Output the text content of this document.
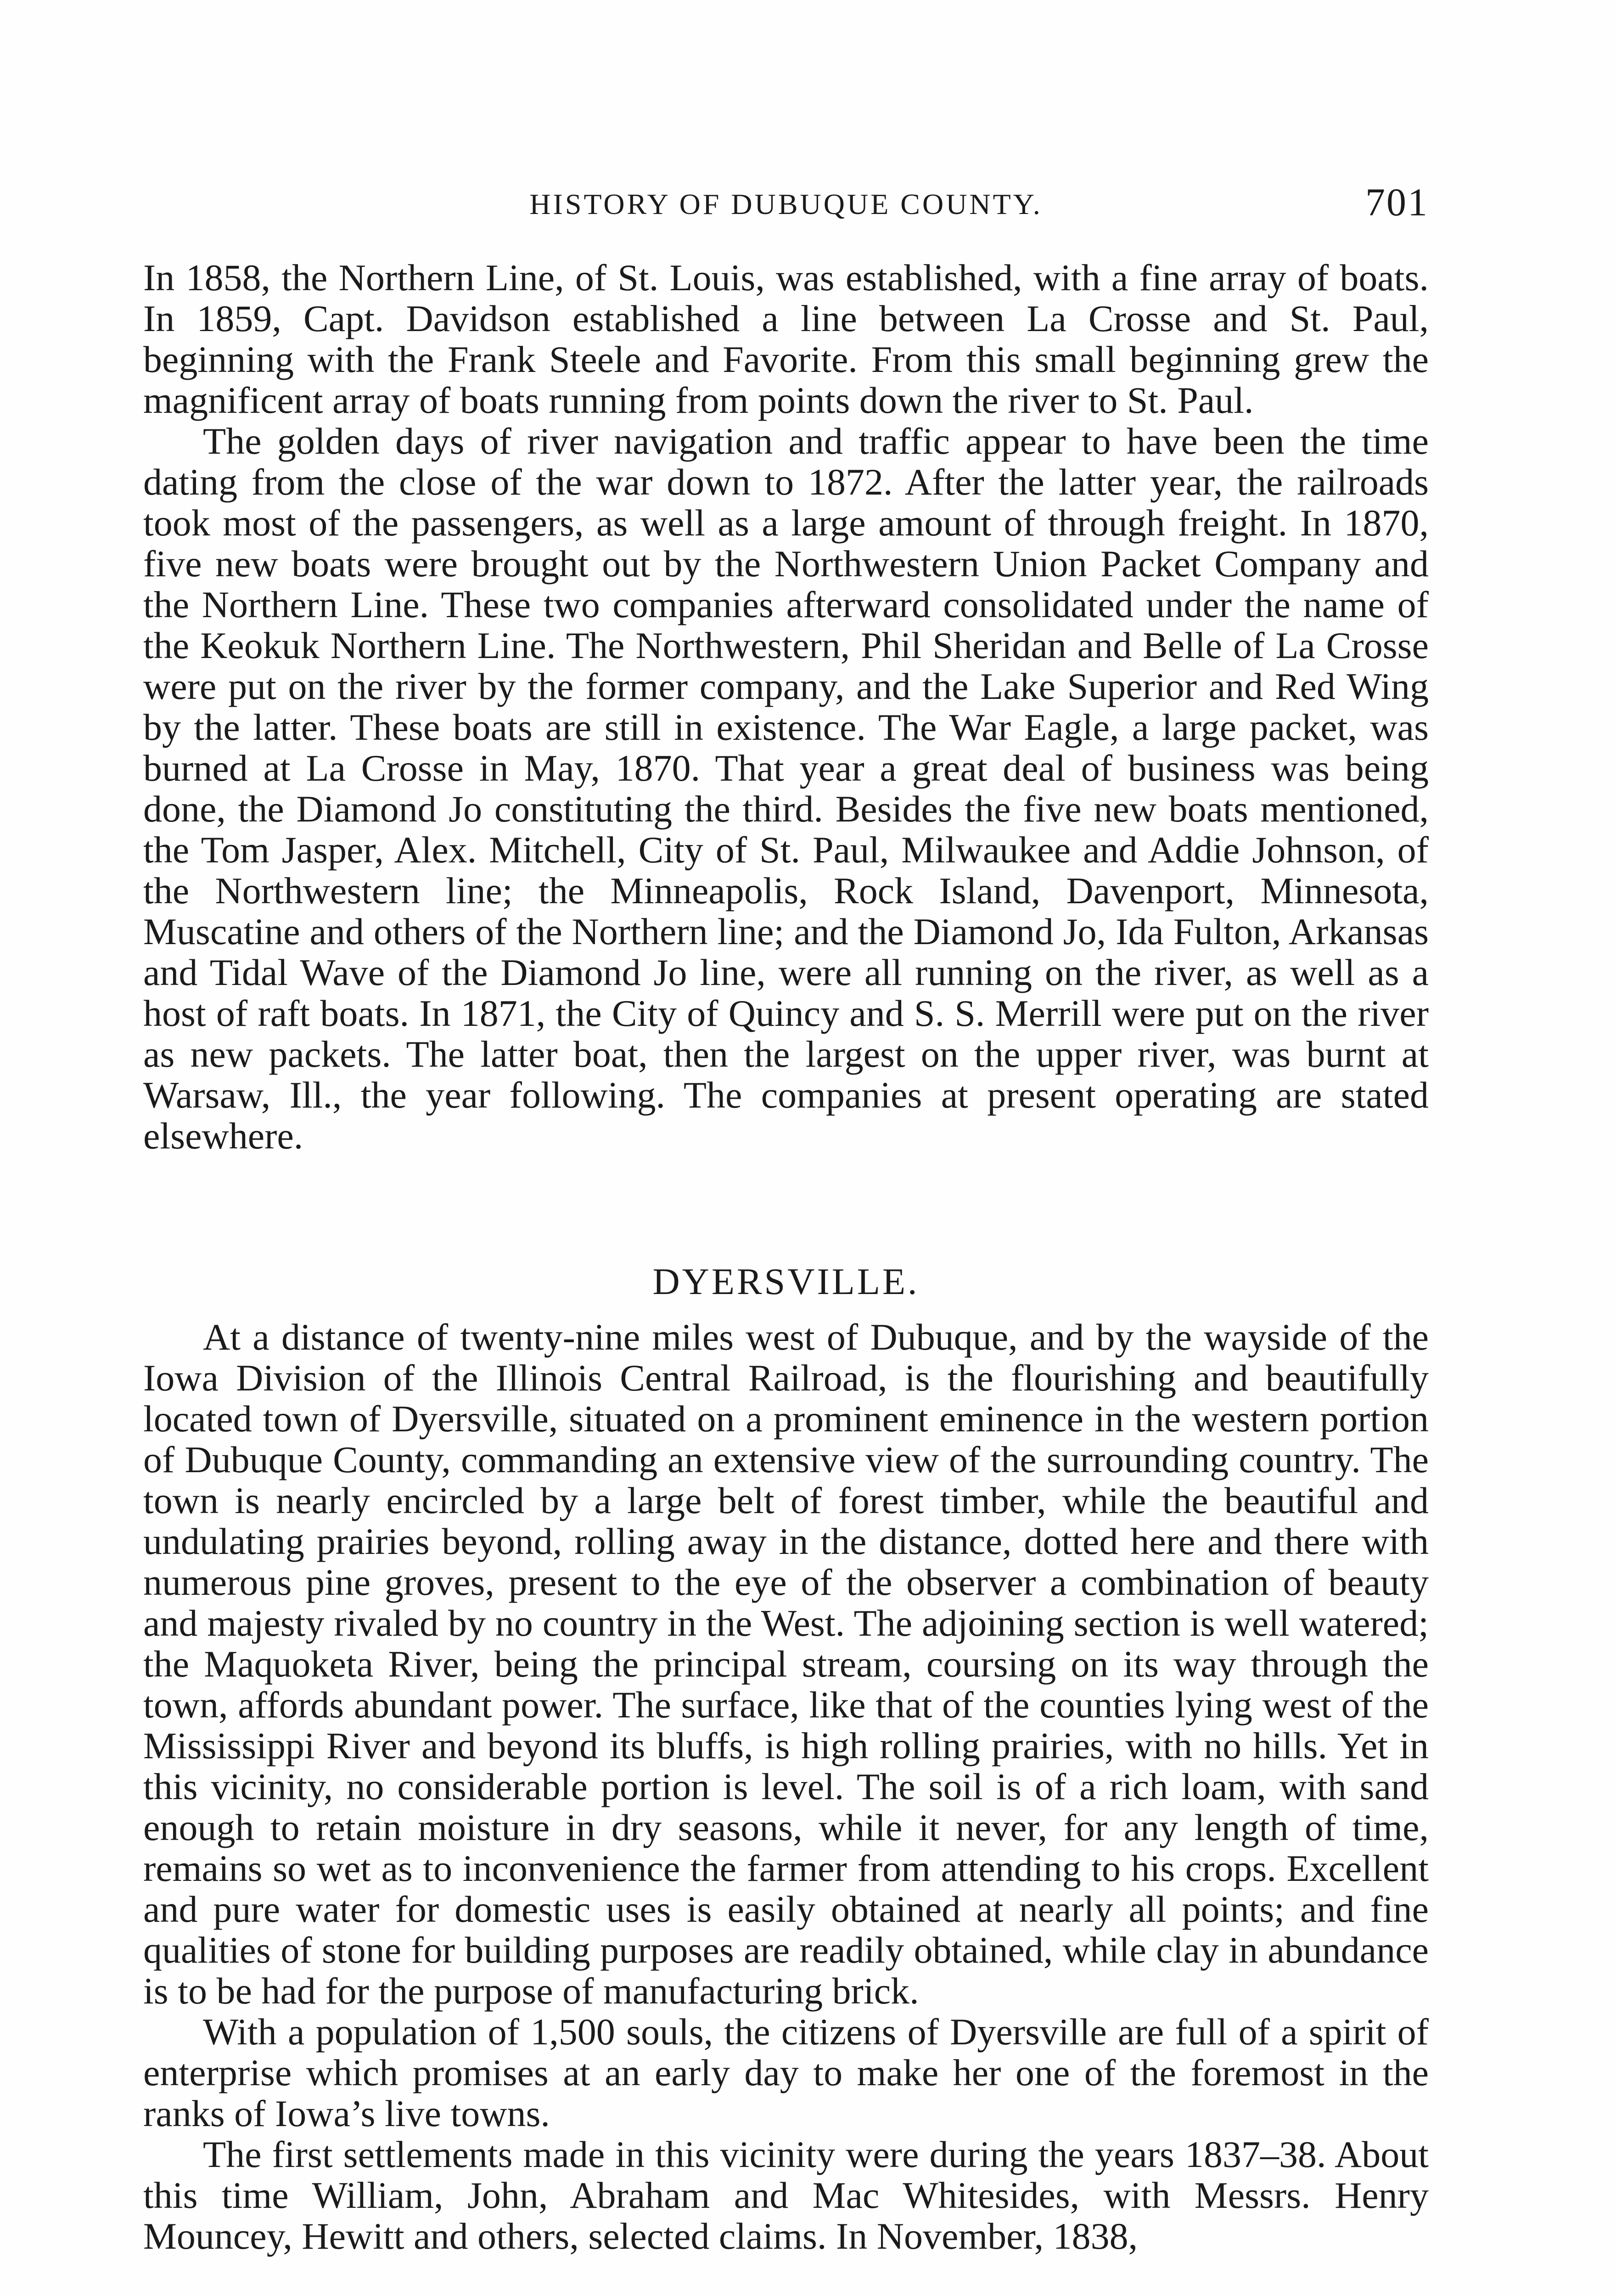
HISTORY OF DUBUQUE COUNTY.	701

In 1858, the Northern Line, of St. Louis, was established, with a fine array of boats. In 1859, Capt. Davidson established a line between La Crosse and St. Paul, beginning with the Frank Steele and Favorite. From this small beginning grew the magnificent array of boats running from points down the river to St. Paul.

The golden days of river navigation and traffic appear to have been the time dating from the close of the war down to 1872. After the latter year, the railroads took most of the passengers, as well as a large amount of through freight. In 1870, five new boats were brought out by the Northwestern Union Packet Company and the Northern Line. These two companies afterward consolidated under the name of the Keokuk Northern Line. The Northwestern, Phil Sheridan and Belle of La Crosse were put on the river by the former company, and the Lake Superior and Red Wing by the latter. These boats are still in existence. The War Eagle, a large packet, was burned at La Crosse in May, 1870. That year a great deal of business was being done, the Diamond Jo constituting the third. Besides the five new boats mentioned, the Tom Jasper, Alex. Mitchell, City of St. Paul, Milwaukee and Addie Johnson, of the Northwestern line; the Minneapolis, Rock Island, Davenport, Minnesota, Muscatine and others of the Northern line; and the Diamond Jo, Ida Fulton, Arkansas and Tidal Wave of the Diamond Jo line, were all running on the river, as well as a host of raft boats. In 1871, the City of Quincy and S. S. Merrill were put on the river as new packets. The latter boat, then the largest on the upper river, was burnt at Warsaw, Ill., the year following. The companies at present operating are stated elsewhere.

DYERSVILLE.

At a distance of twenty-nine miles west of Dubuque, and by the wayside of the Iowa Division of the Illinois Central Railroad, is the flourishing and beautifully located town of Dyersville, situated on a prominent eminence in the western portion of Dubuque County, commanding an extensive view of the surrounding country. The town is nearly encircled by a large belt of forest timber, while the beautiful and undulating prairies beyond, rolling away in the distance, dotted here and there with numerous pine groves, present to the eye of the observer a combination of beauty and majesty rivaled by no country in the West. The adjoining section is well watered; the Maquoketa River, being the principal stream, coursing on its way through the town, affords abundant power. The surface, like that of the counties lying west of the Mississippi River and beyond its bluffs, is high rolling prairies, with no hills. Yet in this vicinity, no considerable portion is level. The soil is of a rich loam, with sand enough to retain moisture in dry seasons, while it never, for any length of time, remains so wet as to inconvenience the farmer from attending to his crops. Excellent and pure water for domestic uses is easily obtained at nearly all points; and fine qualities of stone for building purposes are readily obtained, while clay in abundance is to be had for the purpose of manufacturing brick.

With a population of 1,500 souls, the citizens of Dyersville are full of a spirit of enterprise which promises at an early day to make her one of the foremost in the ranks of Iowa’s live towns.

The first settlements made in this vicinity were during the years 1837–38. About this time William, John, Abraham and Mac Whitesides, with Messrs. Henry Mouncey, Hewitt and others, selected claims. In November, 1838,
